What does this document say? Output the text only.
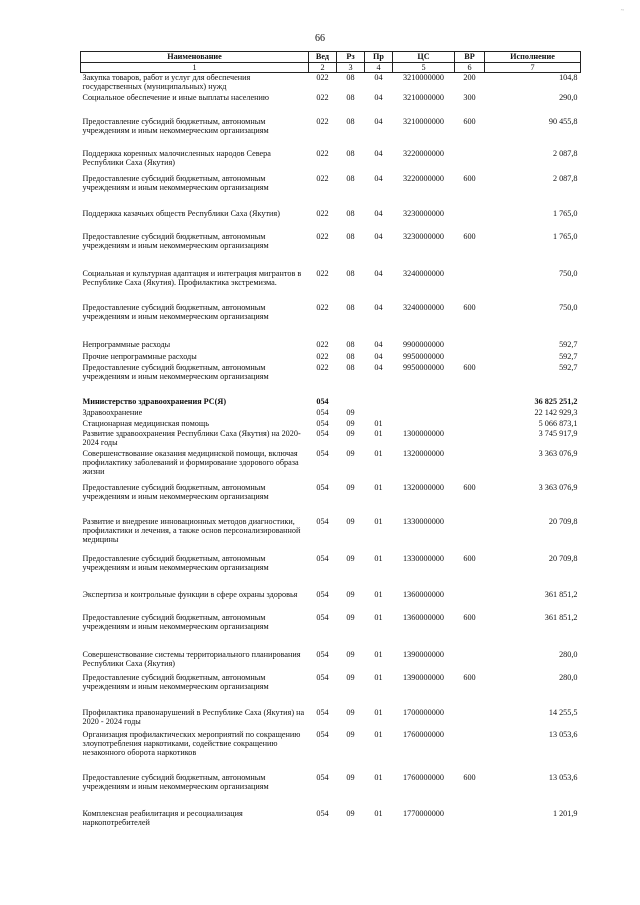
66
~
Наименование	Вед	Рз	Пр	ЦС	ВР	Исполнение
1	2	3	4	5	6	7
Закупка товаров, работ и услуг для обеспечения государственных (муниципальных) нужд	022	08	04	3210000000	200	104,8
Социальное обеспечение и иные выплаты населению	022	08	04	3210000000	300	290,0
Предоставление субсидий бюджетным, автономным учреждениям и иным некоммерческим организациям	022	08	04	3210000000	600	90 455,8
Поддержка коренных малочисленных народов Севера Республики Саха (Якутия)	022	08	04	3220000000		2 087,8
Предоставление субсидий бюджетным, автономным учреждениям и иным некоммерческим организациям	022	08	04	3220000000	600	2 087,8
Поддержка казачьих обществ Республики Саха (Якутия)	022	08	04	3230000000		1 765,0
Предоставление субсидий бюджетным, автономным учреждениям и иным некоммерческим организациям	022	08	04	3230000000	600	1 765,0
Социальная и культурная адаптация и интеграция мигрантов в Республике Саха (Якутия). Профилактика экстремизма.	022	08	04	3240000000		750,0
Предоставление субсидий бюджетным, автономным учреждениям и иным некоммерческим организациям	022	08	04	3240000000	600	750,0
Непрограммные расходы	022	08	04	9900000000		592,7
Прочие непрограммные расходы	022	08	04	9950000000		592,7
Предоставление субсидий бюджетным, автономным учреждениям и иным некоммерческим организациям	022	08	04	9950000000	600	592,7
Министерство здравоохранения РС(Я)	054					36 825 251,2
Здравоохранение	054	09				22 142 929,3
Стационарная медицинская помощь	054	09	01			5 066 873,1
Развитие здравоохранения Республики Саха (Якутия) на 2020-2024 годы	054	09	01	1300000000		3 745 917,9
Совершенствование оказания медицинской помощи, включая профилактику заболеваний и формирование здорового образа жизни	054	09	01	1320000000		3 363 076,9
Предоставление субсидий бюджетным, автономным учреждениям и иным некоммерческим организациям	054	09	01	1320000000	600	3 363 076,9
Развитие и внедрение инновационных методов диагностики, профилактики и лечения, а также основ персонализированной медицины	054	09	01	1330000000		20 709,8
Предоставление субсидий бюджетным, автономным учреждениям и иным некоммерческим организациям	054	09	01	1330000000	600	20 709,8
Экспертиза и контрольные функции в сфере охраны здоровья	054	09	01	1360000000		361 851,2
Предоставление субсидий бюджетным, автономным учреждениям и иным некоммерческим организациям	054	09	01	1360000000	600	361 851,2
Совершенствование системы территориального планирования Республики Саха (Якутия)	054	09	01	1390000000		280,0
Предоставление субсидий бюджетным, автономным учреждениям и иным некоммерческим организациям	054	09	01	1390000000	600	280,0
Профилактика правонарушений в Республике Саха (Якутия) на 2020 - 2024 годы	054	09	01	1700000000		14 255,5
Организация профилактических мероприятий по сокращению злоупотребления наркотиками, содействие сокращению незаконного оборота наркотиков	054	09	01	1760000000		13 053,6
Предоставление субсидий бюджетным, автономным учреждениям и иным некоммерческим организациям	054	09	01	1760000000	600	13 053,6
Комплексная реабилитация и ресоциализация наркопотребителей	054	09	01	1770000000		1 201,9
